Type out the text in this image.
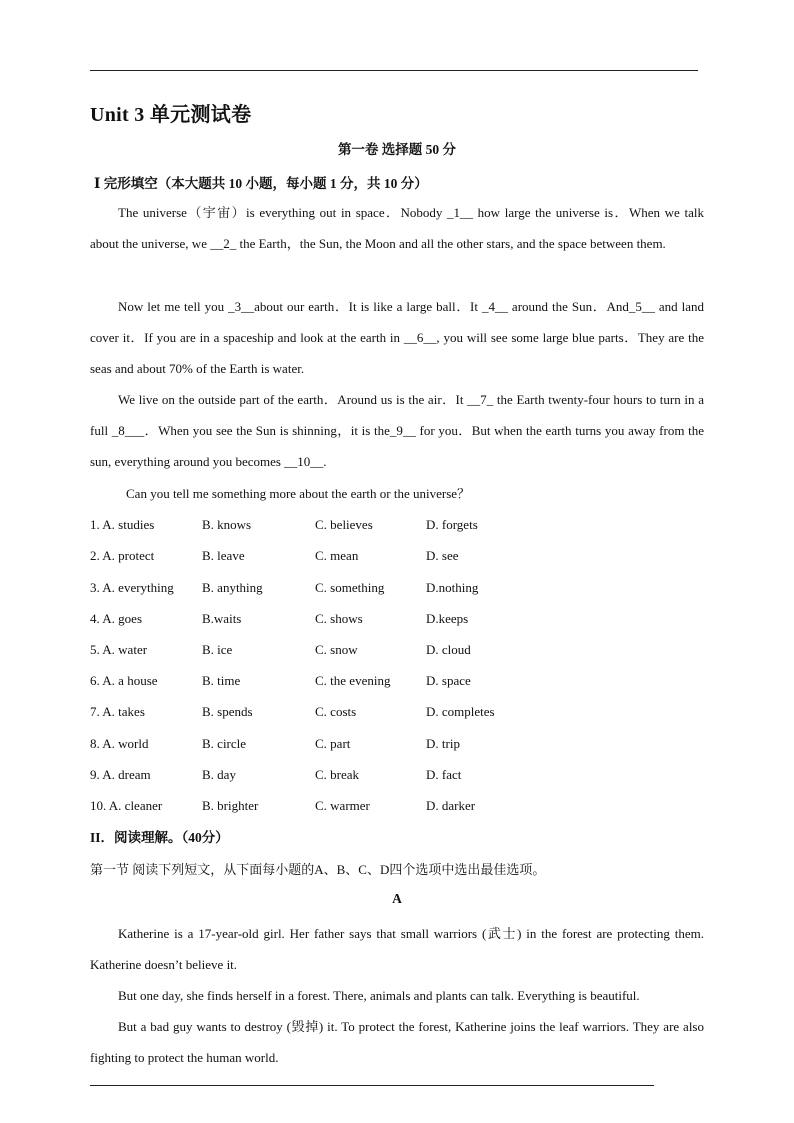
Unit 3 单元测试卷
第一卷 选择题 50 分
Ⅰ 完形填空（本大题共 10 小题，每小题 1 分，共 10 分）
The universe（宇宙）is everything out in space．Nobody _1__ how large the universe is．When we talk about the universe, we __2_ the Earth，the Sun, the Moon and all the other stars, and the space between them.
Now let me tell you _3__about our earth．It is like a large ball．It _4__ around the Sun．And_5__ and land cover it．If you are in a spaceship and look at the earth in __6__, you will see some large blue parts．They are the seas and about 70% of the Earth is water.
We live on the outside part of the earth．Around us is the air．It __7_ the Earth twenty-four hours to turn in a full _8___．When you see the Sun is shinning，it is the_9__ for you．But when the earth turns you away from the sun, everything around you becomes __10__.
Can you tell me something more about the earth or the universe？
1. A. studies	B. knows	C. believes	D. forgets
2. A. protect	B. leave	C. mean	D. see
3. A. everything B. anything	C. something	D.nothing
4. A. goes	B.waits	C. shows	D.keeps
5. A. water	B. ice	C. snow	D. cloud
6. A. a house	B. time	C. the evening	D. space
7. A. takes	B. spends	C. costs	D. completes
8. A. world	B. circle	C. part	D. trip
9. A. dream	B. day	C. break	D. fact
10. A. cleaner	B. brighter	C. warmer	D. darker
II．阅读理解。（40分）
第一节 阅读下列短文，从下面每小题的A、B、C、D四个选项中选出最佳选项。
A
Katherine is a 17-year-old girl. Her father says that small warriors (武士) in the forest are protecting them. Katherine doesn’t believe it.
But one day, she finds herself in a forest. There, animals and plants can talk. Everything is beautiful.
But a bad guy wants to destroy (毁掉) it. To protect the forest, Katherine joins the leaf warriors. They are also fighting to protect the human world.
